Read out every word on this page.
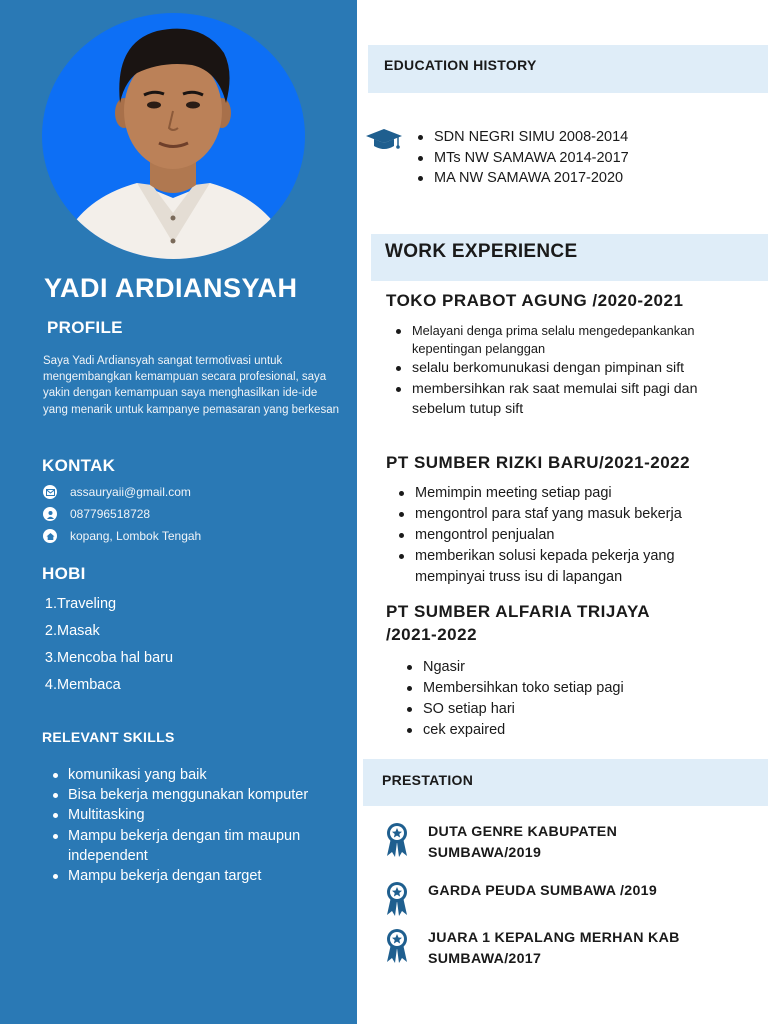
YADI ARDIANSYAH
PROFILE
Saya Yadi Ardiansyah sangat termotivasi untuk mengembangkan kemampuan secara profesional, saya yakin dengan kemampuan saya menghasilkan ide-ide yang menarik untuk kampanye pemasaran yang berkesan
KONTAK
assauryaii@gmail.com
087796518728
kopang, Lombok Tengah
HOBI
1. Traveling
2. Masak
3. Mencoba hal baru
4. Membaca
RELEVANT SKILLS
komunikasi yang baik
Bisa bekerja menggunakan komputer
Multitasking
Mampu bekerja dengan tim maupun independent
Mampu bekerja dengan target
EDUCATION HISTORY
SDN NEGRI SIMU 2008-2014
MTs NW SAMAWA 2014-2017
MA NW SAMAWA 2017-2020
WORK EXPERIENCE
TOKO PRABOT AGUNG /2020-2021
Melayani denga prima selalu mengedepankankan kepentingan pelanggan
selalu berkomunukasi dengan pimpinan sift
membersihkan rak saat memulai sift pagi dan sebelum tutup sift
PT SUMBER RIZKI BARU/2021-2022
Memimpin meeting setiap pagi
mengontrol para staf yang masuk bekerja
mengontrol penjualan
memberikan solusi kepada pekerja yang mempinyai truss isu di lapangan
PT SUMBER ALFARIA TRIJAYA
/2021-2022
Ngasir
Membersihkan toko setiap pagi
SO setiap hari
cek expaired
PRESTATION
DUTA GENRE KABUPATEN SUMBAWA/2019
GARDA PEUDA SUMBAWA /2019
JUARA 1 KEPALANG MERHAN KAB SUMBAWA/2017
